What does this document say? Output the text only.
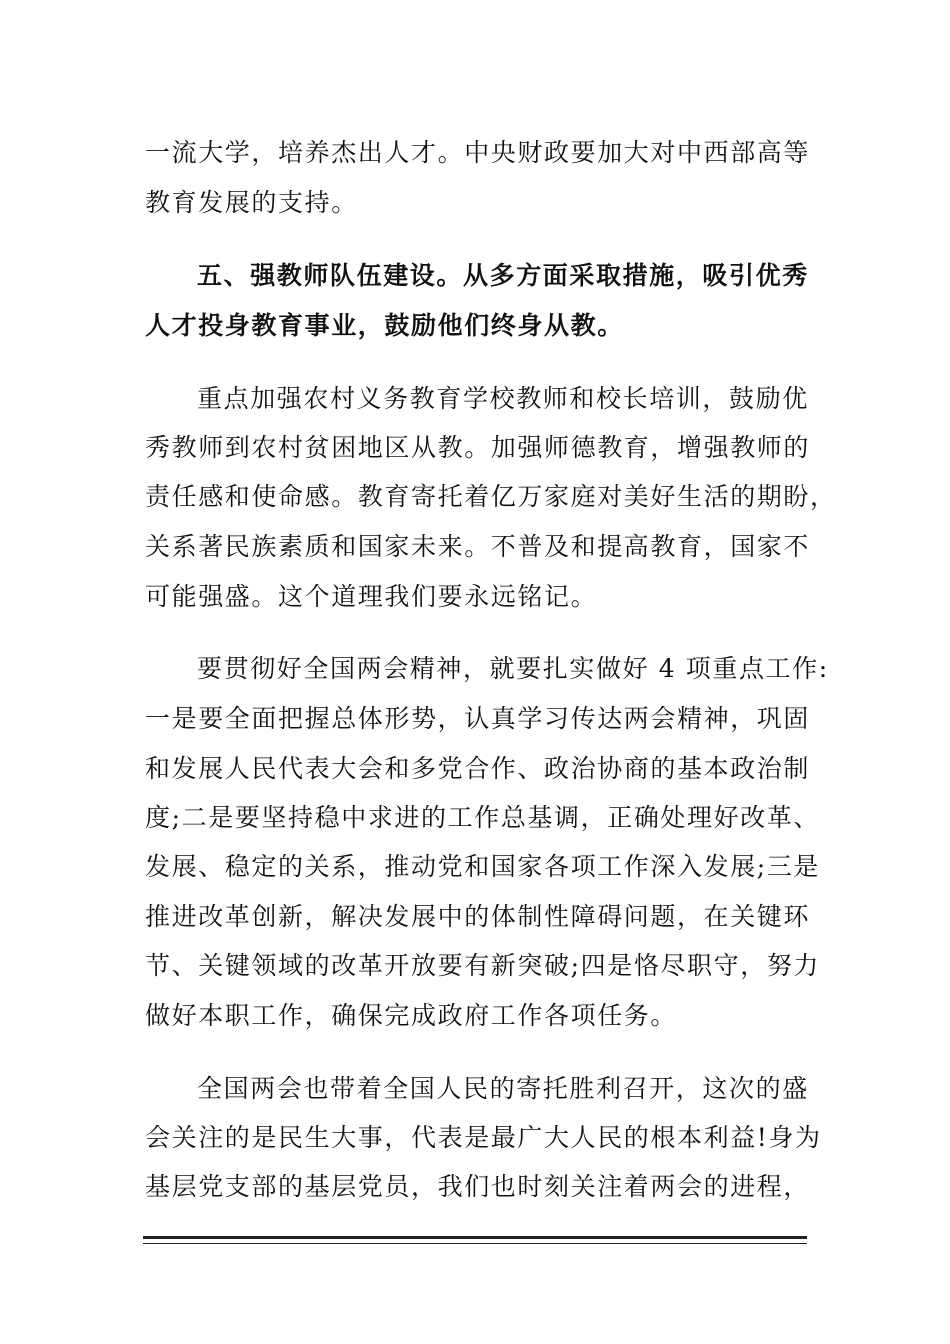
一流大学，培养杰出人才。中央财政要加大对中西部高等
教育发展的支持。
五、强教师队伍建设。从多方面采取措施，吸引优秀
人才投身教育事业，鼓励他们终身从教。
重点加强农村义务教育学校教师和校长培训，鼓励优
秀教师到农村贫困地区从教。加强师德教育，增强教师的
责任感和使命感。教育寄托着亿万家庭对美好生活的期盼，
关系著民族素质和国家未来。不普及和提高教育，国家不
可能强盛。这个道理我们要永远铭记。
要贯彻好全国两会精神，就要扎实做好 4 项重点工作:
一是要全面把握总体形势，认真学习传达两会精神，巩固
和发展人民代表大会和多党合作、政治协商的基本政治制
度;二是要坚持稳中求进的工作总基调，正确处理好改革、
发展、稳定的关系，推动党和国家各项工作深入发展;三是
推进改革创新，解决发展中的体制性障碍问题，在关键环
节、关键领域的改革开放要有新突破;四是恪尽职守，努力
做好本职工作，确保完成政府工作各项任务。
全国两会也带着全国人民的寄托胜利召开，这次的盛
会关注的是民生大事，代表是最广大人民的根本利益!身为
基层党支部的基层党员，我们也时刻关注着两会的进程，
